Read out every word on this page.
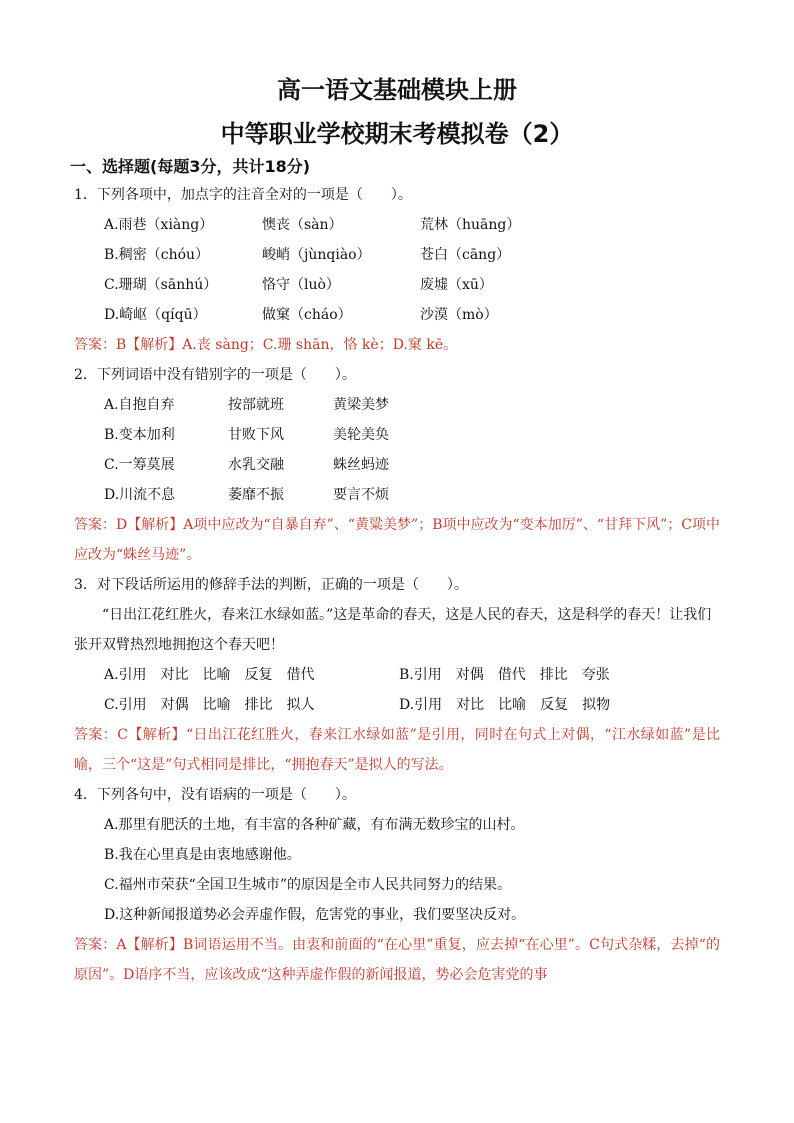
高一语文基础模块上册
中等职业学校期末考模拟卷（2）
一、选择题(每题3分，共计18分)
1．下列各项中，加点字的注音全对的一项是（　　）。
A.雨巷（xiàng）	懊丧（sàn）	荒林（huāng）
B.稠密（chóu）	峻峭（jùnqiào）	苍白（cāng）
C.珊瑚（sānhú）	恪守（luò）	废墟（xū）
D.崎岖（qíqū）	做窠（cháo）	沙漠（mò）
答案：B【解析】A.丧 sàng；C.珊 shān，恪 kè；D.窠 kē。
2．下列词语中没有错别字的一项是（　　）。
A.自抱自弃	按部就班	黄梁美梦
B.变本加利	甘败下风	美轮美奂
C.一筹莫展	水乳交融	蛛丝蚂迹
D.川流不息	萎靡不振	要言不烦

答案：D【解析】A项中应改为“自暴自弃”、“黄粱美梦”；B项中应改为“变本加厉”、“甘拜下风”；C项中应改为“蛛丝马迹”。

3．对下段话所运用的修辞手法的判断，正确的一项是（　　）。

“日出江花红胜火，春来江水绿如蓝。”这是革命的春天，这是人民的春天，这是科学的春天！让我们张开双臂热烈地拥抱这个春天吧！

A.引用　对比　比喻　反复　借代	B.引用　对偶　借代　排比　夸张
C.引用　对偶　比喻　排比　拟人	D.引用　对比　比喻　反复　拟物

答案：C【解析】“日出江花红胜火，春来江水绿如蓝”是引用，同时在句式上对偶，“江水绿如蓝”是比喻，三个“这是”句式相同是排比，“拥抱春天”是拟人的写法。

4．下列各句中，没有语病的一项是（　　）。
A.那里有肥沃的土地，有丰富的各种矿藏，有布满无数珍宝的山村。
B.我在心里真是由衷地感谢他。
C.福州市荣获“全国卫生城市”的原因是全市人民共同努力的结果。
D.这种新闻报道势必会弄虚作假，危害党的事业，我们要坚决反对。

答案：A【解析】B词语运用不当。由衷和前面的“在心里”重复，应去掉“在心里”。C句式杂糅，去掉“的原因”。D语序不当，应该改成“这种弄虚作假的新闻报道，势必会危害党的事
